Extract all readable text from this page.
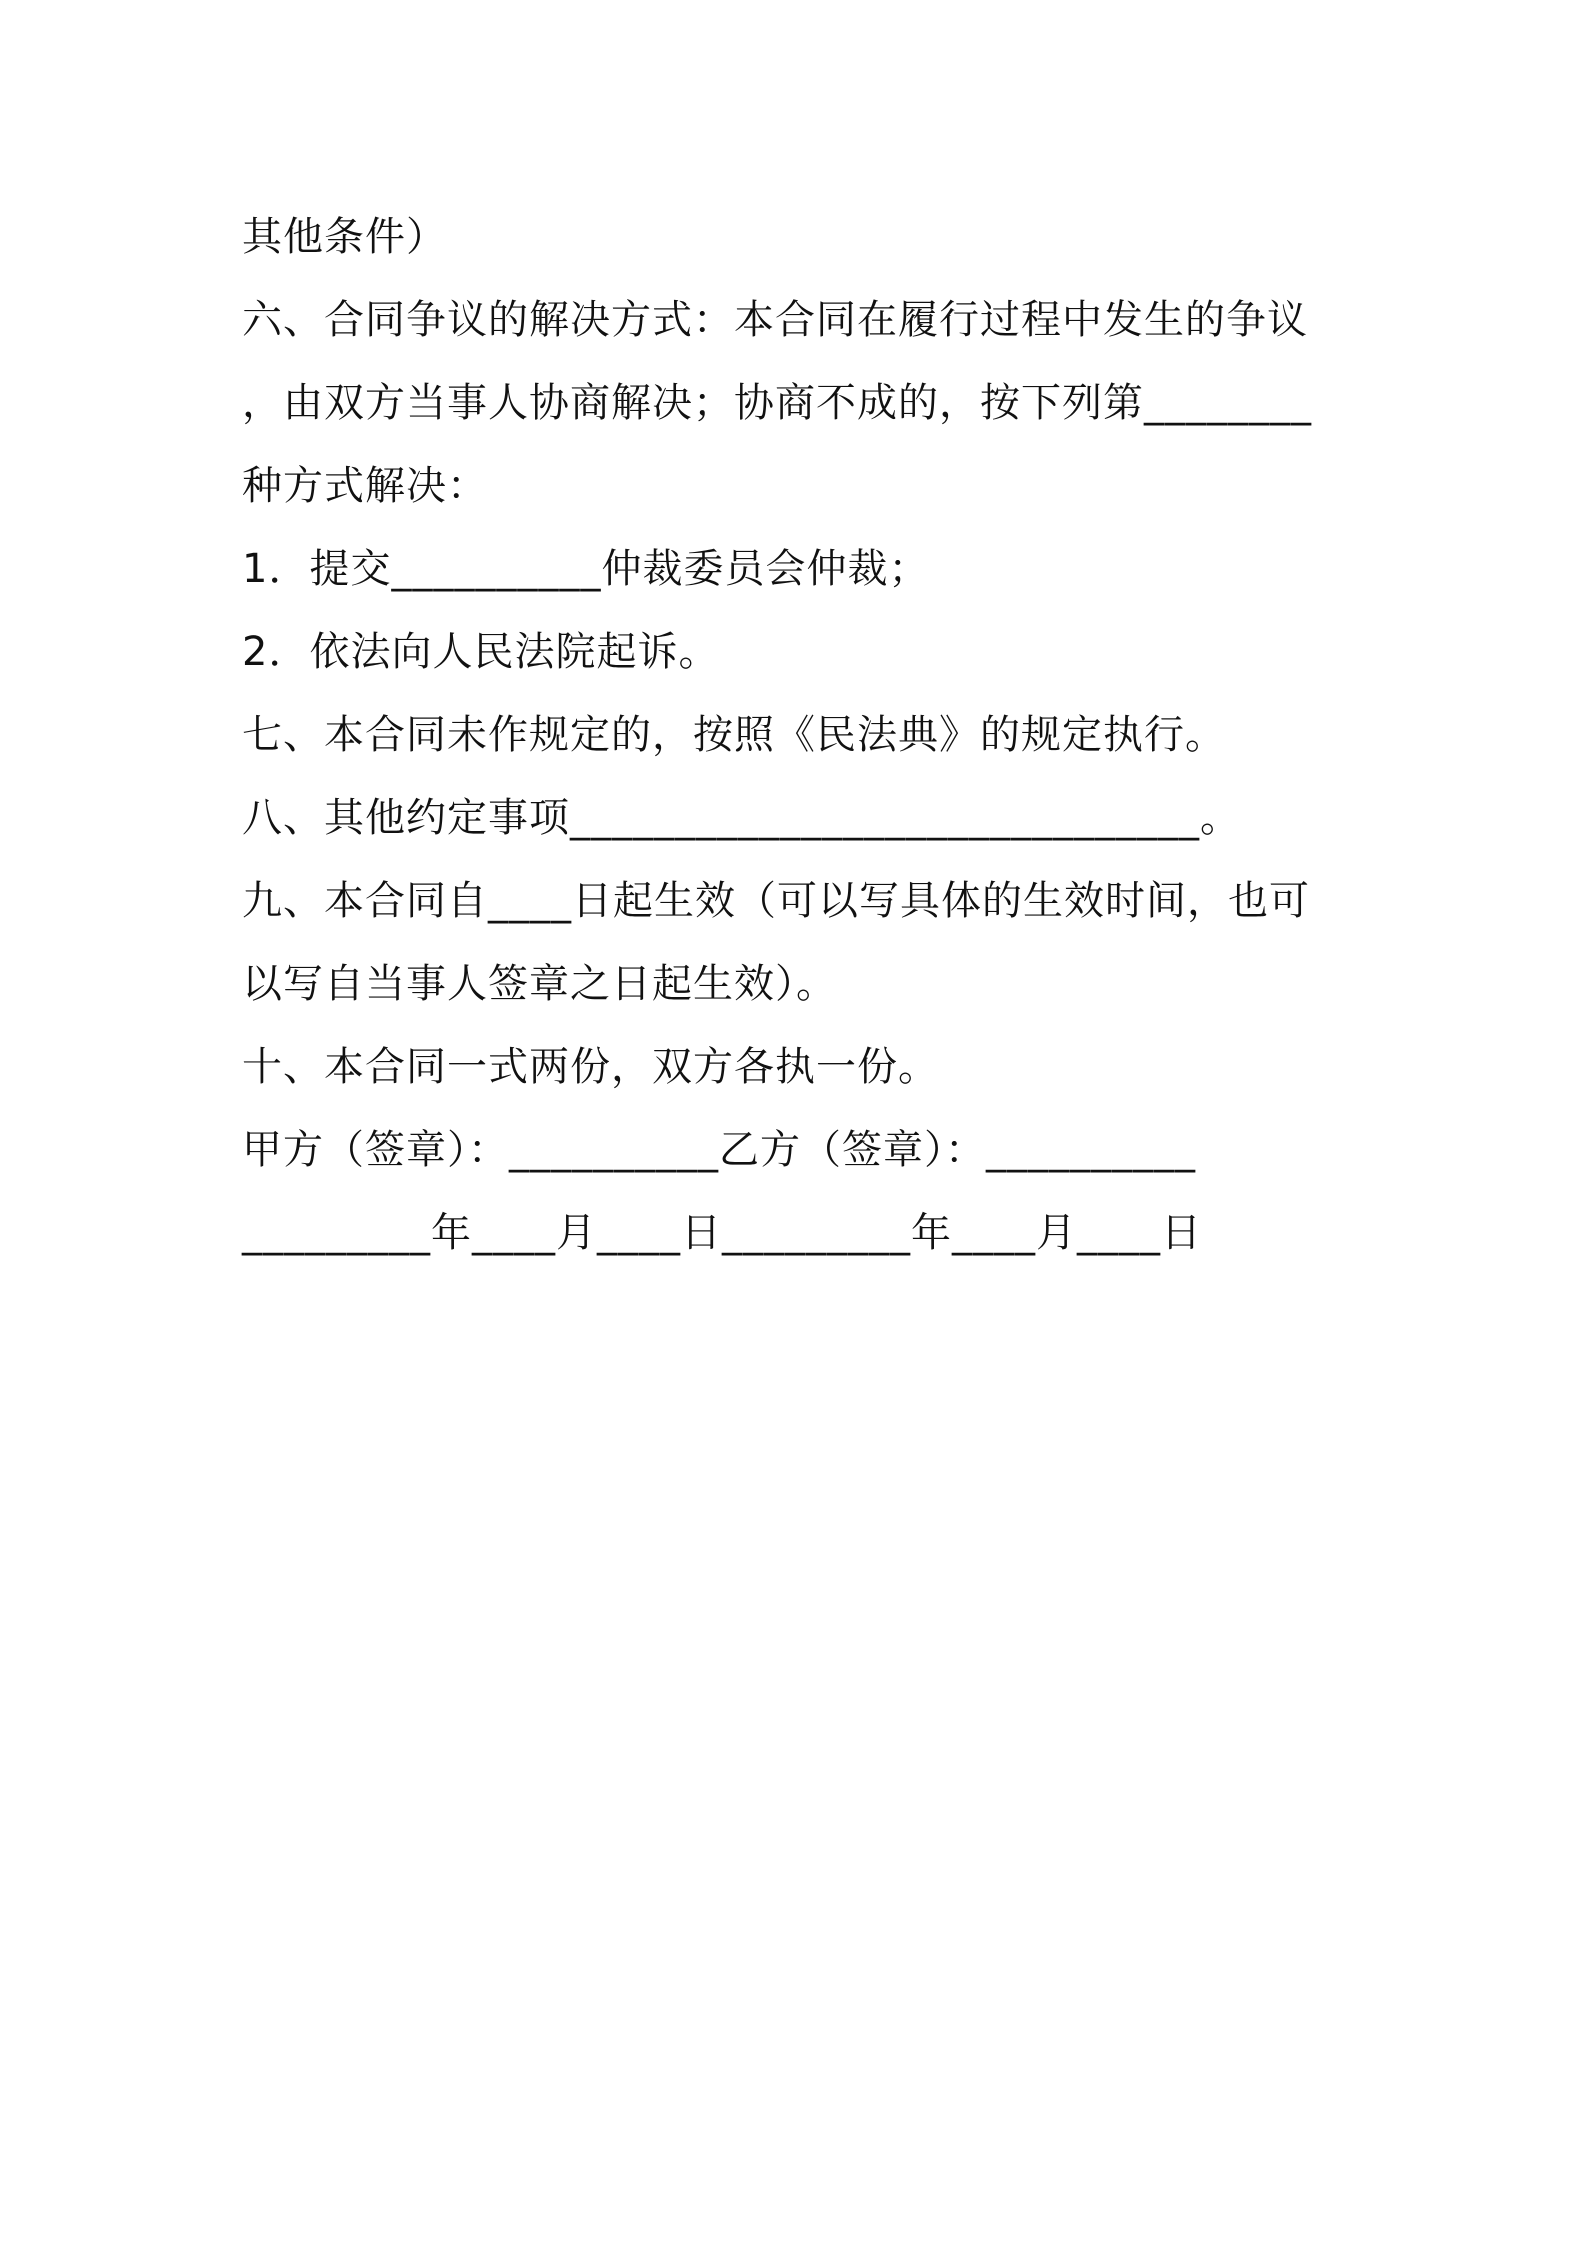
其他条件）
六、合同争议的解决方式：本合同在履行过程中发生的争议
，由双方当事人协商解决；协商不成的，按下列第________
种方式解决：
1．提交__________仲裁委员会仲裁；
2．依法向人民法院起诉。
七、本合同未作规定的，按照《民法典》的规定执行。
八、其他约定事项______________________________。
九、本合同自____日起生效（可以写具体的生效时间，也可
以写自当事人签章之日起生效）。
十、本合同一式两份，双方各执一份。
甲方（签章）：__________乙方（签章）：__________
_________年____月____日_________年____月____日
